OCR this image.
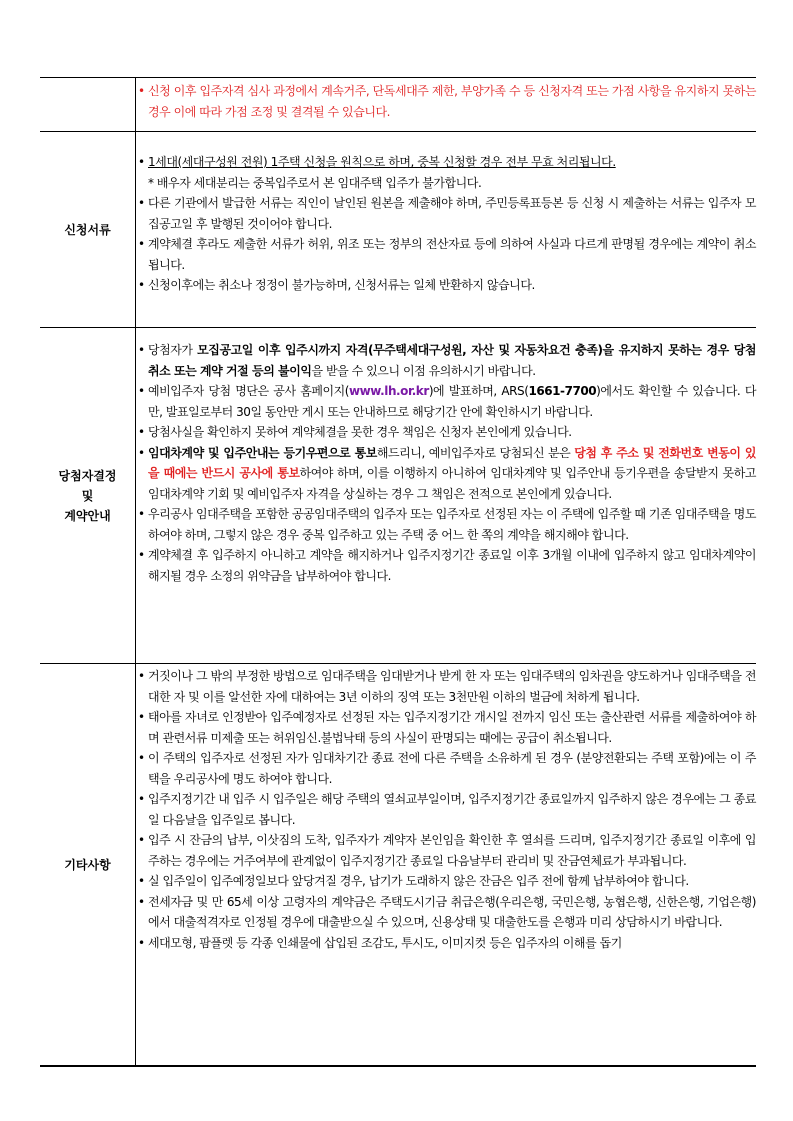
• 신청 이후 입주자격 심사 과정에서 계속거주, 단독세대주 제한, 부양가족 수 등 신청자격 또는 가점 사항을 유지하지 못하는 경우 이에 따라 가점 조정 및 결격될 수 있습니다.
신청서류
• 1세대(세대구성원 전원) 1주택 신청을 원칙으로 하며, 중복 신청할 경우 전부 무효 처리됩니다.
* 배우자 세대분리는 중복입주로서 본 임대주택 입주가 불가합니다.
• 다른 기관에서 발급한 서류는 직인이 날인된 원본을 제출해야 하며, 주민등록표등본 등 신청 시 제출하는 서류는 입주자 모집공고일 후 발행된 것이어야 합니다.
• 계약체결 후라도 제출한 서류가 허위, 위조 또는 정부의 전산자료 등에 의하여 사실과 다르게 판명될 경우에는 계약이 취소됩니다.
• 신청이후에는 취소나 정정이 불가능하며, 신청서류는 일체 반환하지 않습니다.
당첨자결정
및
계약안내
• 당첨자가 모집공고일 이후 입주시까지 자격(무주택세대구성원, 자산 및 자동차요건 충족)을 유지하지 못하는 경우 당첨 취소 또는 계약 거절 등의 불이익을 받을 수 있으니 이점 유의하시기 바랍니다.
• 예비입주자 당첨 명단은 공사 홈페이지(www.lh.or.kr)에 발표하며, ARS(1661-7700)에서도 확인할 수 있습니다. 다만, 발표일로부터 30일 동안만 게시 또는 안내하므로 해당기간 안에 확인하시기 바랍니다.
• 당첨사실을 확인하지 못하여 계약체결을 못한 경우 책임은 신청자 본인에게 있습니다.
• 임대차계약 및 입주안내는 등기우편으로 통보해드리니, 예비입주자로 당첨되신 분은 당첨 후 주소 및 전화번호 변동이 있을 때에는 반드시 공사에 통보하여야 하며, 이를 이행하지 아니하여 임대차계약 및 입주안내 등기우편을 송달받지 못하고 임대차계약 기회 및 예비입주자 자격을 상실하는 경우 그 책임은 전적으로 본인에게 있습니다.
• 우리공사 임대주택을 포함한 공공임대주택의 입주자 또는 입주자로 선정된 자는 이 주택에 입주할 때 기존 임대주택을 명도하여야 하며, 그렇지 않은 경우 중복 입주하고 있는 주택 중 어느 한 쪽의 계약을 해지해야 합니다.
• 계약체결 후 입주하지 아니하고 계약을 해지하거나 입주지정기간 종료일 이후 3개월 이내에 입주하지 않고 임대차계약이 해지될 경우 소정의 위약금을 납부하여야 합니다.
기타사항
• 거짓이나 그 밖의 부정한 방법으로 임대주택을 임대받거나 받게 한 자 또는 임대주택의 임차권을 양도하거나 임대주택을 전대한 자 및 이를 알선한 자에 대하여는 3년 이하의 징역 또는 3천만원 이하의 벌금에 처하게 됩니다.
• 태아를 자녀로 인정받아 입주예정자로 선정된 자는 입주지정기간 개시일 전까지 임신 또는 출산관련 서류를 제출하여야 하며 관련서류 미제출 또는 허위임신.불법낙태 등의 사실이 판명되는 때에는 공급이 취소됩니다.
• 이 주택의 입주자로 선정된 자가 임대차기간 종료 전에 다른 주택을 소유하게 된 경우 (분양전환되는 주택 포함)에는 이 주택을 우리공사에 명도 하여야 합니다.
• 입주지정기간 내 입주 시 입주일은 해당 주택의 열쇠교부일이며, 입주지정기간 종료일까지 입주하지 않은 경우에는 그 종료일 다음날을 입주일로 봅니다.
• 입주 시 잔금의 납부, 이삿짐의 도착, 입주자가 계약자 본인임을 확인한 후 열쇠를 드리며, 입주지정기간 종료일 이후에 입주하는 경우에는 거주여부에 관계없이 입주지정기간 종료일 다음날부터 관리비 및 잔금연체료가 부과됩니다.
• 실 입주일이 입주예정일보다 앞당겨질 경우, 납기가 도래하지 않은 잔금은 입주 전에 함께 납부하여야 합니다.
• 전세자금 및 만 65세 이상 고령자의 계약금은 주택도시기금 취급은행(우리은행, 국민은행, 농협은행, 신한은행, 기업은행)에서 대출적격자로 인정될 경우에 대출받으실 수 있으며, 신용상태 및 대출한도를 은행과 미리 상담하시기 바랍니다.
• 세대모형, 팜플렛 등 각종 인쇄물에 삽입된 조감도, 투시도, 이미지컷 등은 입주자의 이해를 돕기
